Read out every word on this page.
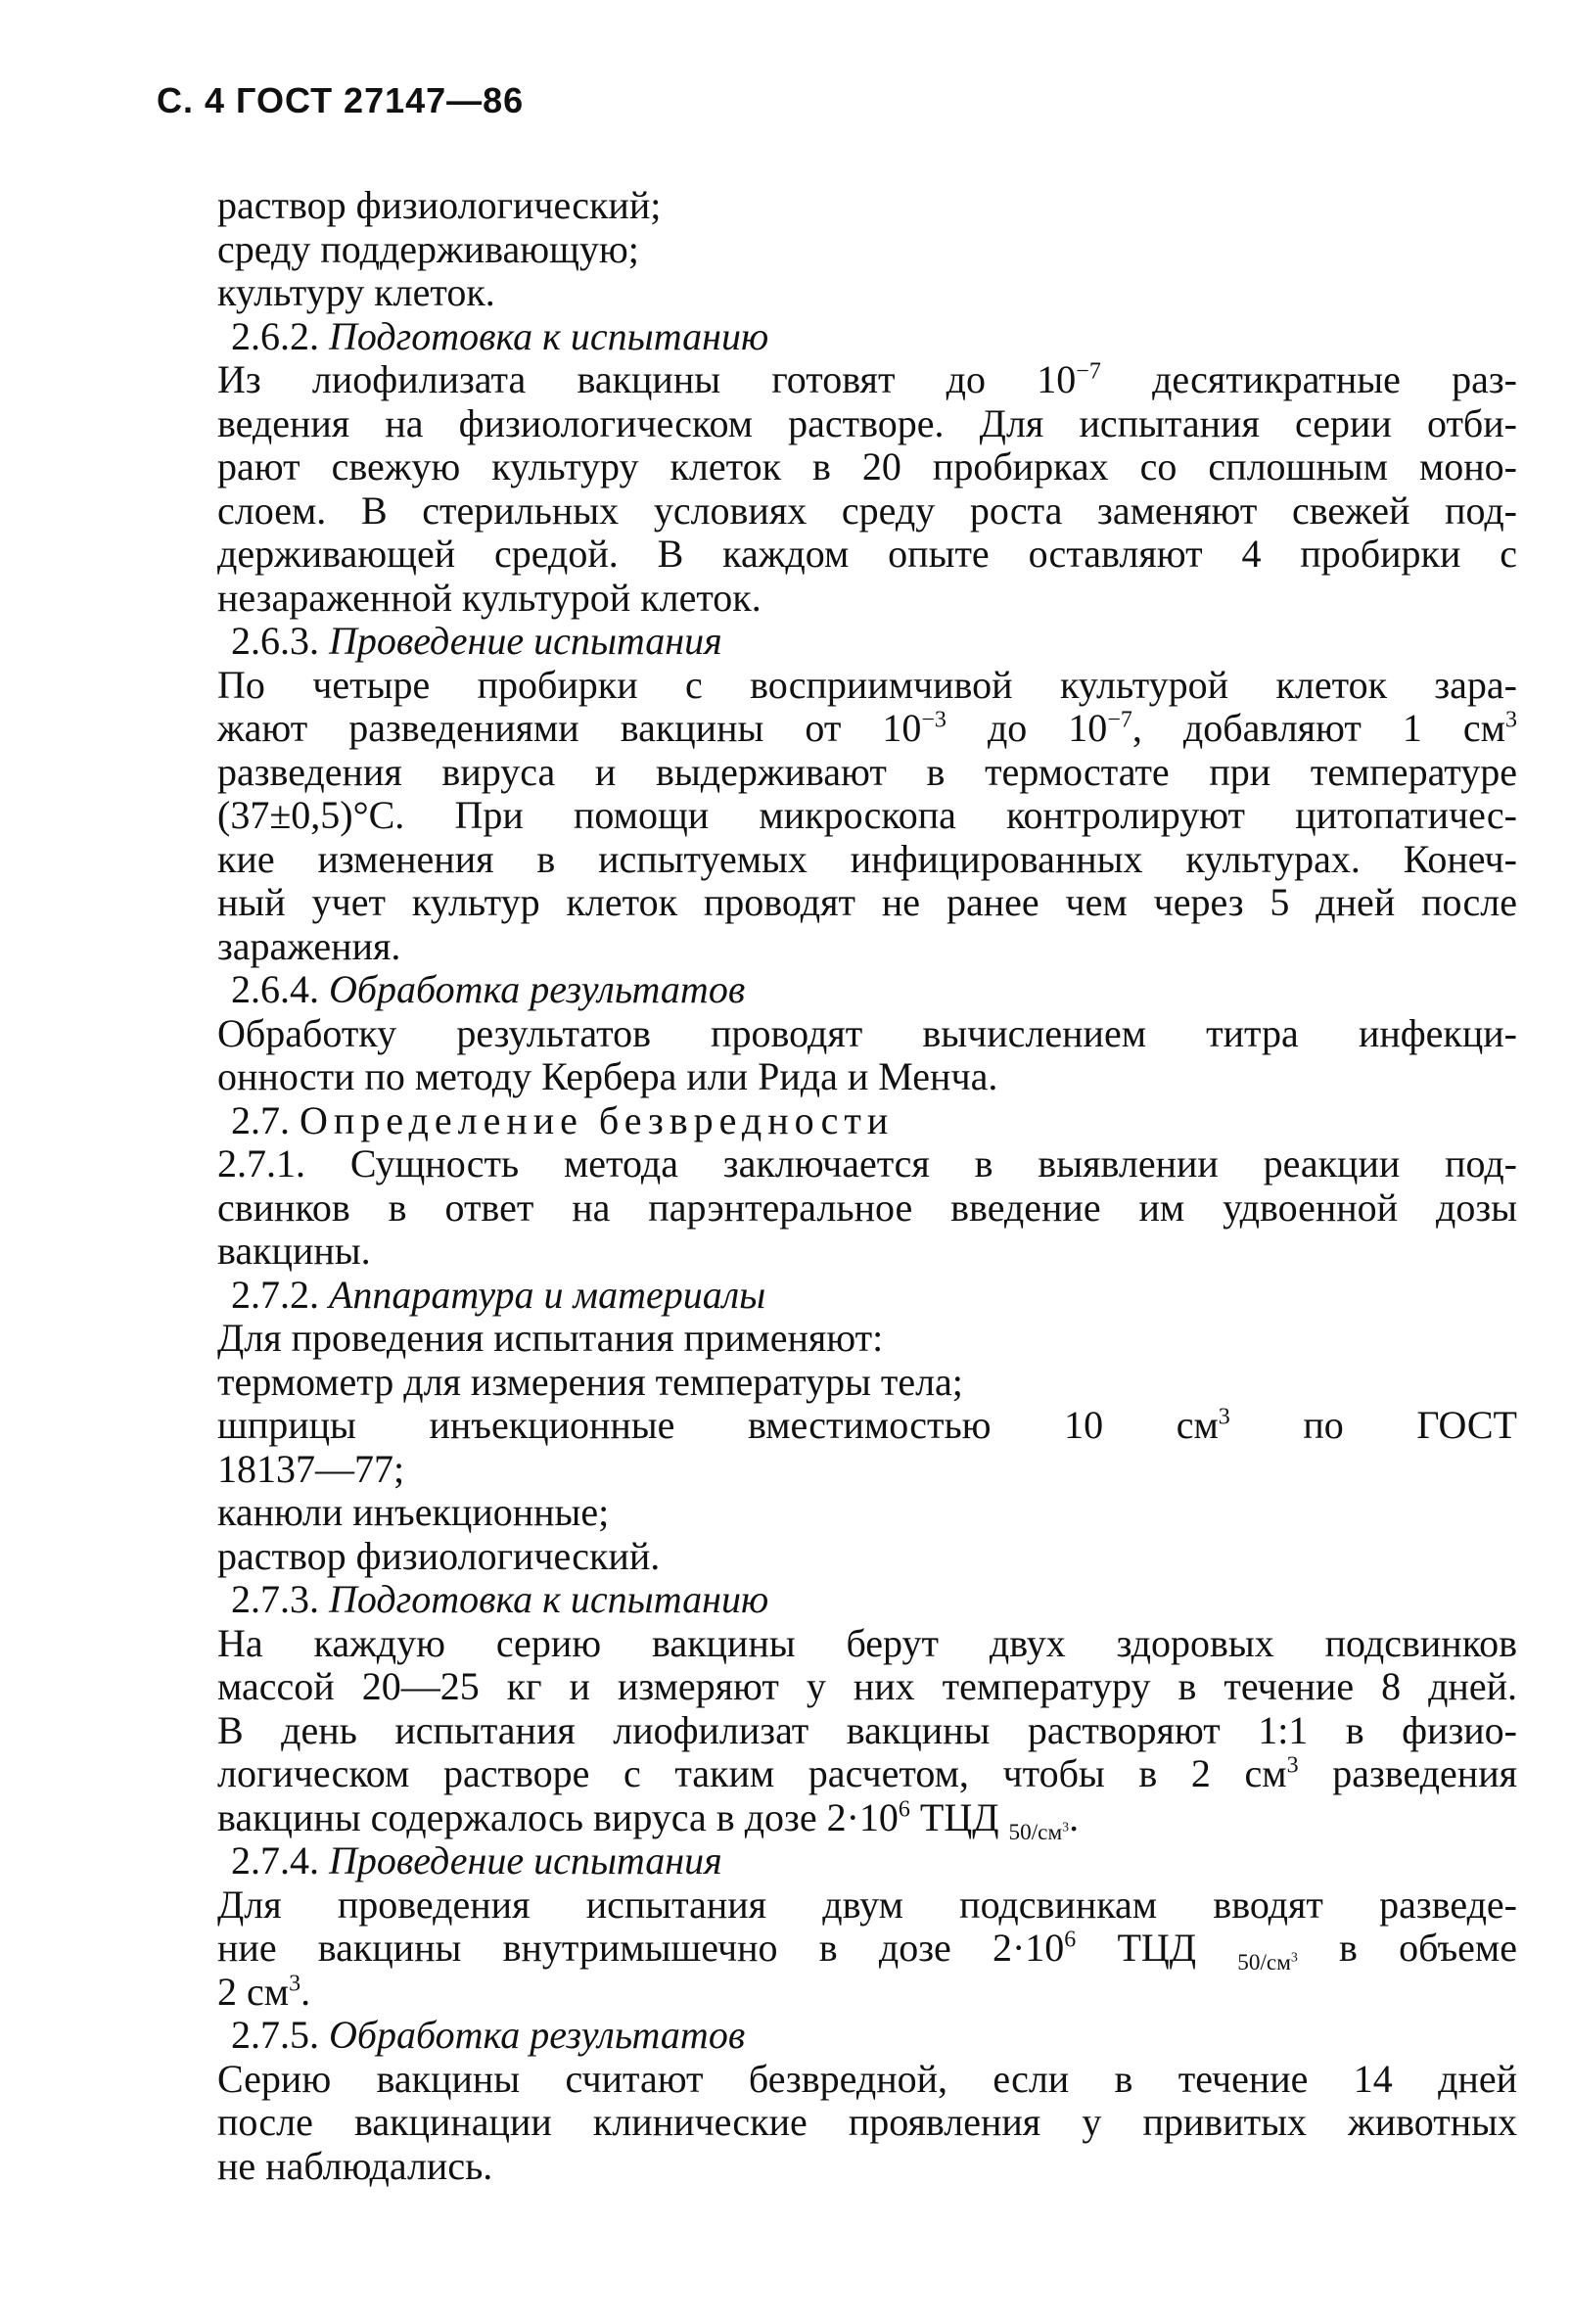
С. 4 ГОСТ 27147—86
раствор физиологический;
среду поддерживающую;
культуру клеток.
2.6.2. Подготовка к испытанию
Из лиофилизата вакцины готовят до $10^{-7}$ десятикратные раз-
ведения на физиологическом растворе. Для испытания серии отби-
рают свежую культуру клеток в 20 пробирках со сплошным моно-
слоем. В стерильных условиях среду роста заменяют свежей под-
держивающей средой. В каждом опыте оставляют 4 пробирки с
незараженной культурой клеток.
2.6.3. Проведение испытания
По четыре пробирки с восприимчивой культурой клеток зара-
жают разведениями вакцины от $10^{-3}$ до $10^{-7}$, добавляют 1 $см^3$
разведения вируса и выдерживают в термостате при температуре
(37±0,5)°С. При помощи микроскопа контролируют цитопатичес-
кие изменения в испытуемых инфицированных культурах. Конеч-
ный учет культур клеток проводят не ранее чем через 5 дней после
заражения.
2.6.4. Обработка результатов
Обработку результатов проводят вычислением титра инфекци-
онности по методу Кербера или Рида и Менча.
2.7. Определение безвредности
2.7.1. Сущность метода заключается в выявлении реакции под-
свинков в ответ на парэнтеральное введение им удвоенной дозы
вакцины.
2.7.2. Аппаратура и материалы
Для проведения испытания применяют:
термометр для измерения температуры тела;
шприцы инъекционные вместимостью 10 $см^3$ по ГОСТ
18137—77;
канюли инъекционные;
раствор физиологический.
2.7.3. Подготовка к испытанию
На каждую серию вакцины берут двух здоровых подсвинков
массой 20—25 кг и измеряют у них температуру в течение 8 дней.
В день испытания лиофилизат вакцины растворяют 1:1 в физио-
логическом растворе с таким расчетом, чтобы в 2 $см^3$ разведения
вакцины содержалось вируса в дозе $2\cdot 10^6$ ТЦД $_{50/см^3}$.
2.7.4. Проведение испытания
Для проведения испытания двум подсвинкам вводят разведе-
ние вакцины внутримышечно в дозе $2\cdot 10^6$ ТЦД $_{50/см^3}$ в объеме
2 $см^3$.
2.7.5. Обработка результатов
Серию вакцины считают безвредной, если в течение 14 дней
после вакцинации клинические проявления у привитых животных
не наблюдались.
